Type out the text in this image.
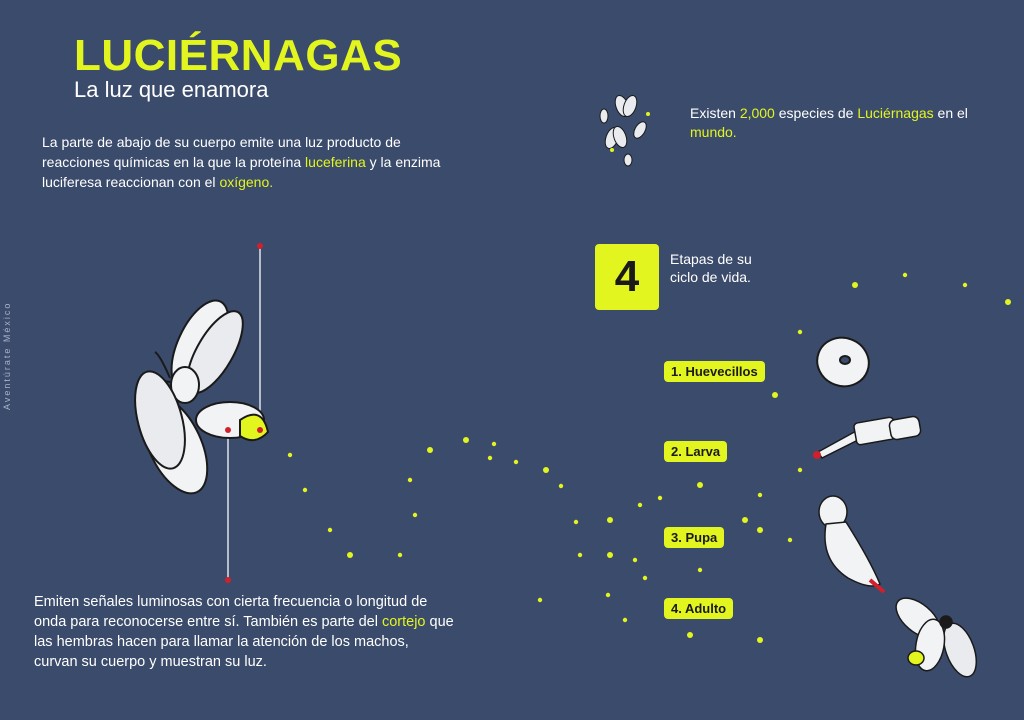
LUCIÉRNAGAS
La luz que enamora
La parte de abajo de su cuerpo emite una luz producto de reacciones químicas en la que la proteína luceferina y la enzima luciferesa reaccionan con el oxígeno.
Existen 2,000 especies de Luciérnagas en el mundo.
Aventúrate México
4	Etapas de su ciclo de vida.
1. Huevecillos
2. Larva
3. Pupa
4. Adulto
Emiten señales luminosas con cierta frecuencia o longitud de onda para reconocerse entre sí. También es parte del cortejo que las hembras hacen para llamar la atención de los machos, curvan su cuerpo y muestran su luz.
